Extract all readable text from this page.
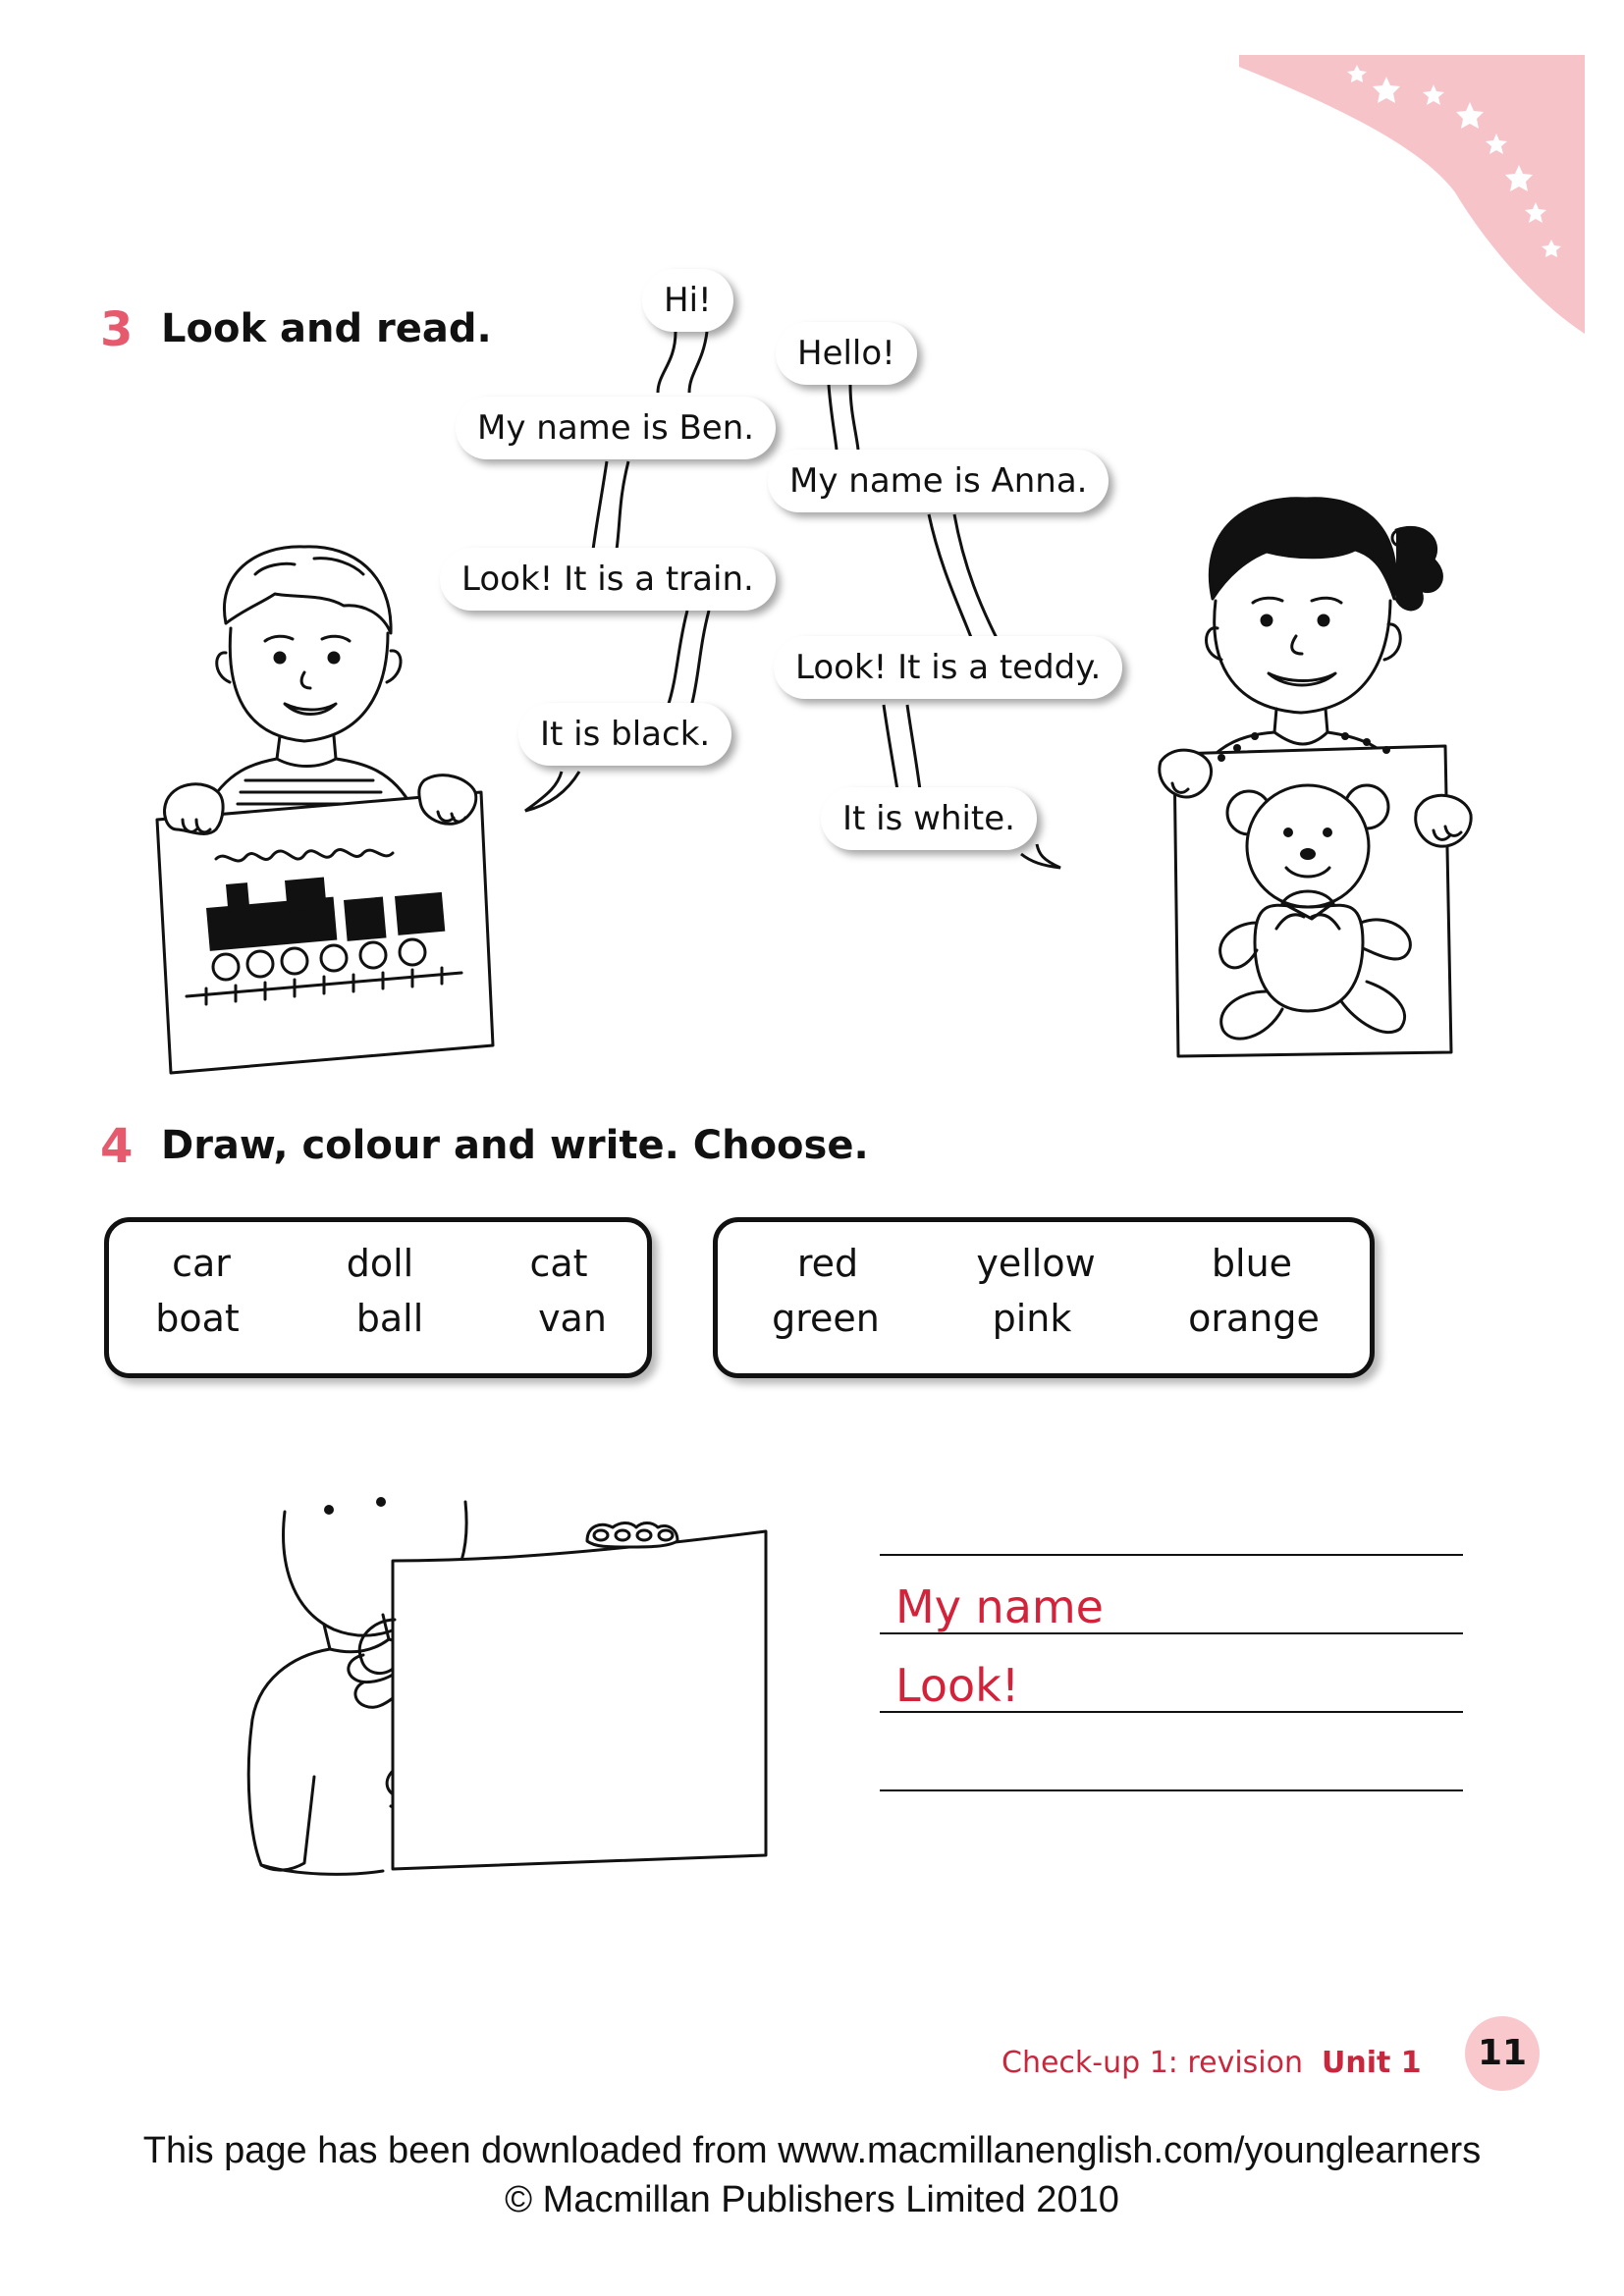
3 Look and read.
Hi!
My name is Ben.
Look! It is a train.
It is black.
Hello!
My name is Anna.
Look! It is a teddy.
It is white.
4 Draw, colour and write. Choose.
car	doll	cat
boat	ball	van
red	yellow	blue
green	pink	orange
My name
Look!
Check-up 1: revision Unit 1	11
This page has been downloaded from www.macmillanenglish.com/younglearners
© Macmillan Publishers Limited 2010
